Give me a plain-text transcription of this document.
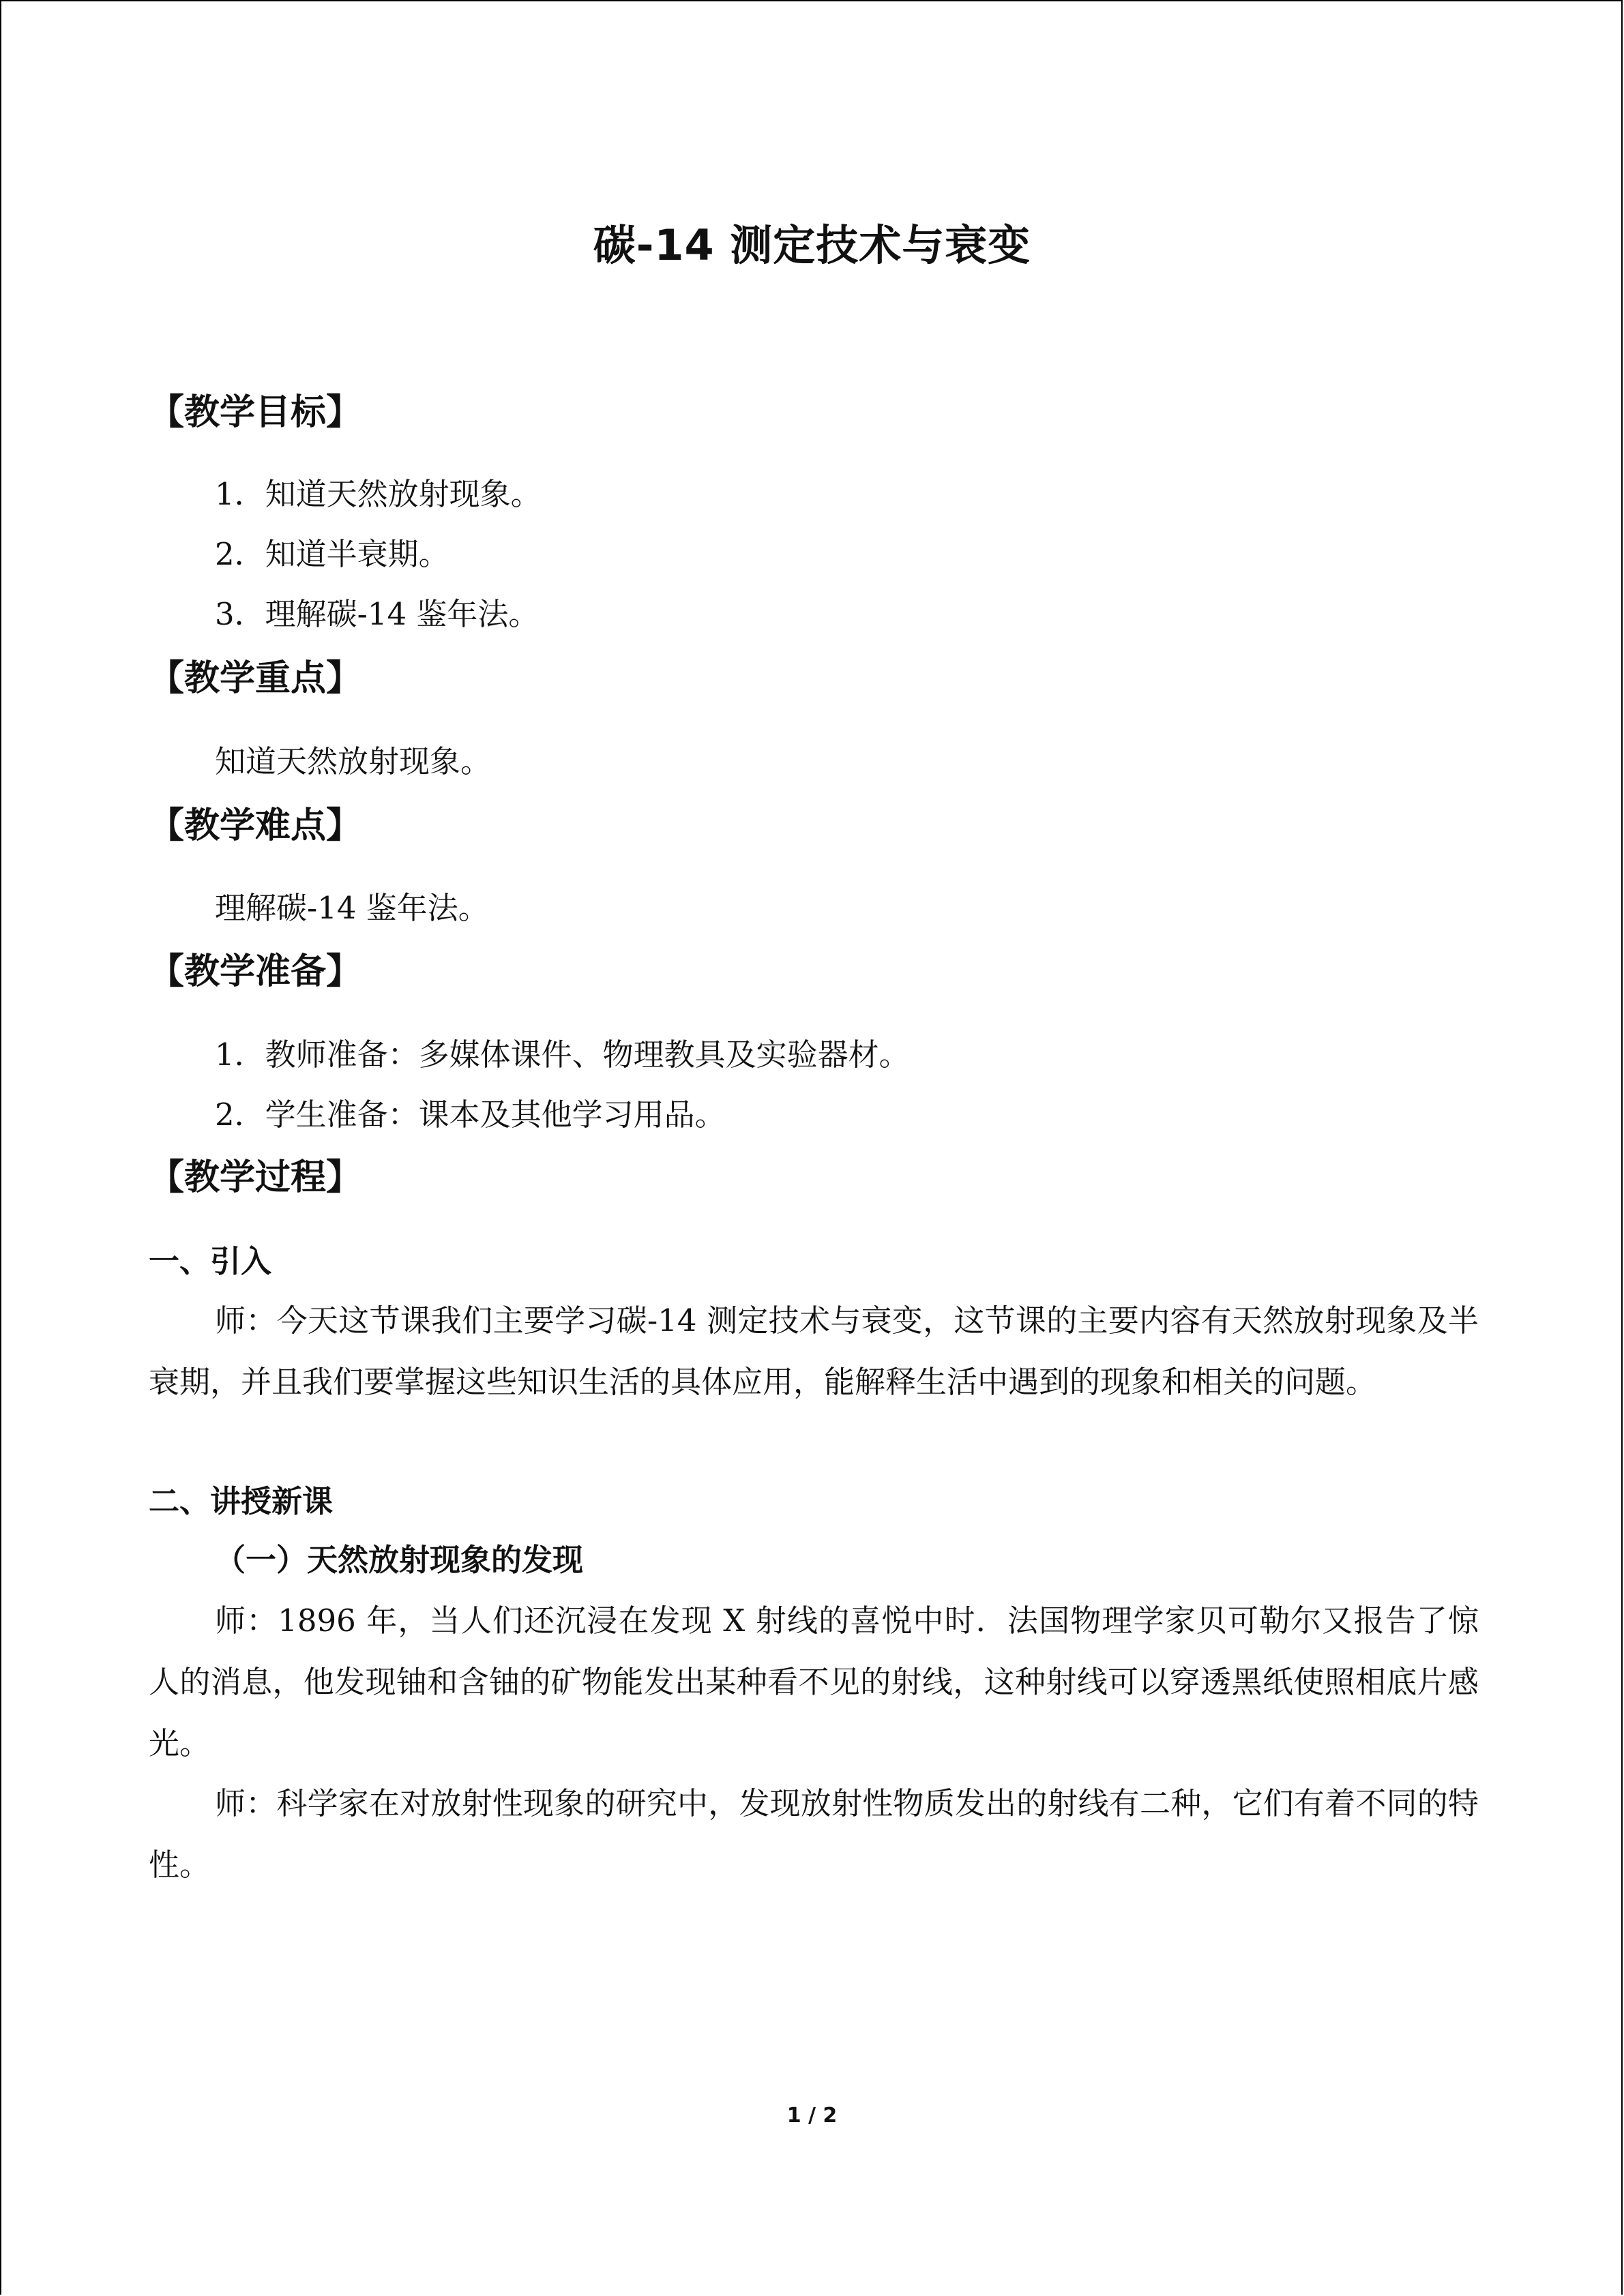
碳-14 测定技术与衰变
【教学目标】
1．知道天然放射现象。
2．知道半衰期。
3．理解碳-14 鉴年法。
【教学重点】
知道天然放射现象。
【教学难点】
理解碳-14 鉴年法。
【教学准备】
1．教师准备：多媒体课件、物理教具及实验器材。
2．学生准备：课本及其他学习用品。
【教学过程】
一、引入
师：今天这节课我们主要学习碳-14 测定技术与衰变，这节课的主要内容有天然放射现象及半衰期，并且我们要掌握这些知识生活的具体应用，能解释生活中遇到的现象和相关的问题。
二、讲授新课
（一）天然放射现象的发现
师：1896 年，当人们还沉浸在发现 X 射线的喜悦中时．法国物理学家贝可勒尔又报告了惊人的消息，他发现铀和含铀的矿物能发出某种看不见的射线，这种射线可以穿透黑纸使照相底片感光。
师：科学家在对放射性现象的研究中，发现放射性物质发出的射线有二种，它们有着不同的特性。
1 / 2
